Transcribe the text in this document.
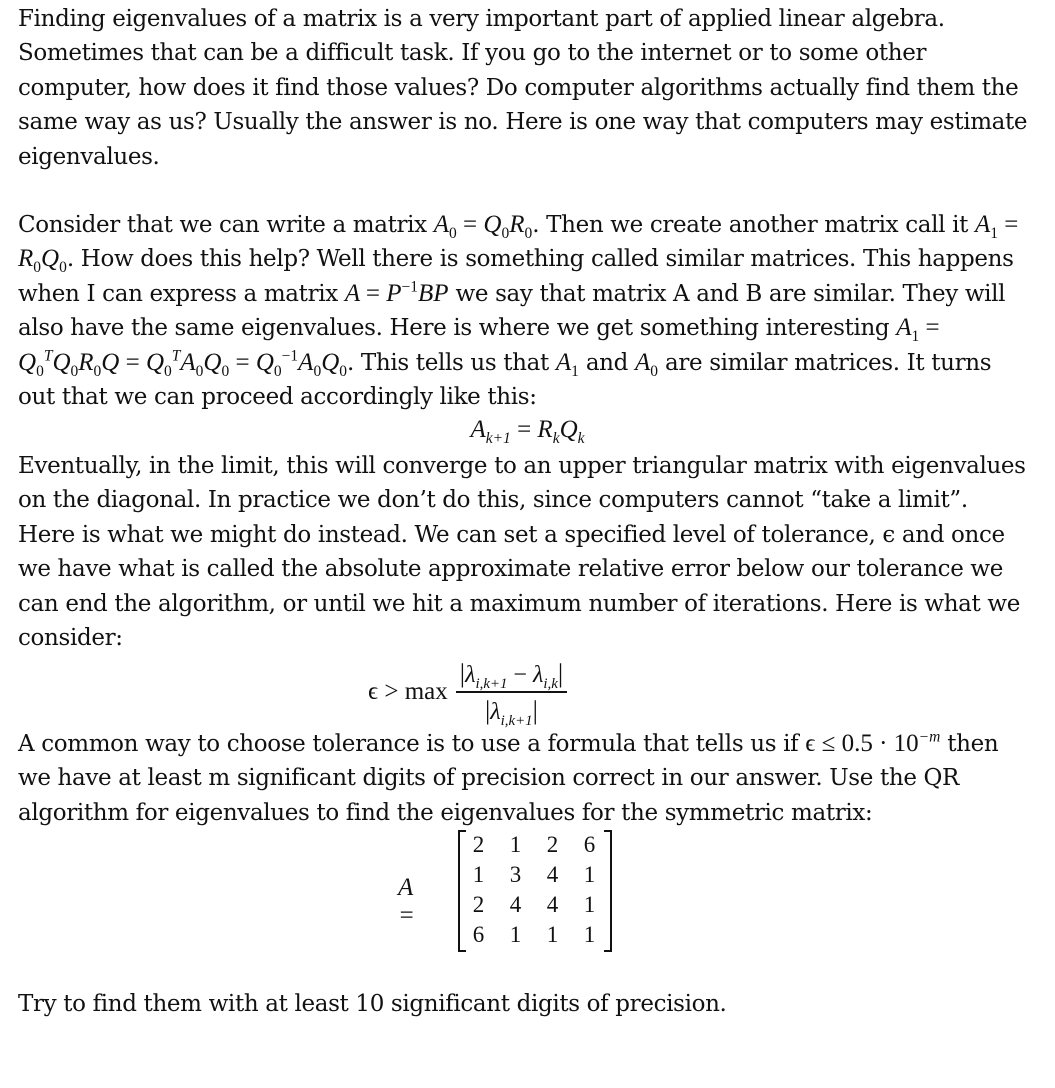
Finding eigenvalues of a matrix is a very important part of applied linear algebra. Sometimes that can be a difficult task. If you go to the internet or to some other computer, how does it find those values? Do computer algorithms actually find them the same way as us? Usually the answer is no. Here is one way that computers may estimate eigenvalues.

Consider that we can write a matrix $A_0 = Q_0R_0$. Then we create another matrix call it $A_1 = R_0Q_0$. How does this help? Well there is something called similar matrices. This happens when I can express a matrix $A = P^{-1}BP$ we say that matrix A and B are similar. They will also have the same eigenvalues. Here is where we get something interesting $A_1 = Q_0^TQ_0R_0Q = Q_0^TA_0Q_0 = Q_0^{-1}A_0Q_0$. This tells us that $A_1$ and $A_0$ are similar matrices. It turns out that we can proceed accordingly like this:

$A_{k+1} = R_kQ_k$

Eventually, in the limit, this will converge to an upper triangular matrix with eigenvalues on the diagonal. In practice we don’t do this, since computers cannot “take a limit”. Here is what we might do instead. We can set a specified level of tolerance, ϵ and once we have what is called the absolute approximate relative error below our tolerance we can end the algorithm, or until we hit a maximum number of iterations. Here is what we consider:

$\epsilon > \max \frac{|\lambda_{i,k+1} - \lambda_{i,k}|}{|\lambda_{i,k+1}|}$

A common way to choose tolerance is to use a formula that tells us if $\epsilon \le 0.5 \cdot 10^{-m}$ then we have at least m significant digits of precision correct in our answer. Use the QR algorithm for eigenvalues to find the eigenvalues for the symmetric matrix:

A =
2	1	2	6
1	3	4	1
2	4	4	1
6	1	1	1

Try to find them with at least 10 significant digits of precision.
